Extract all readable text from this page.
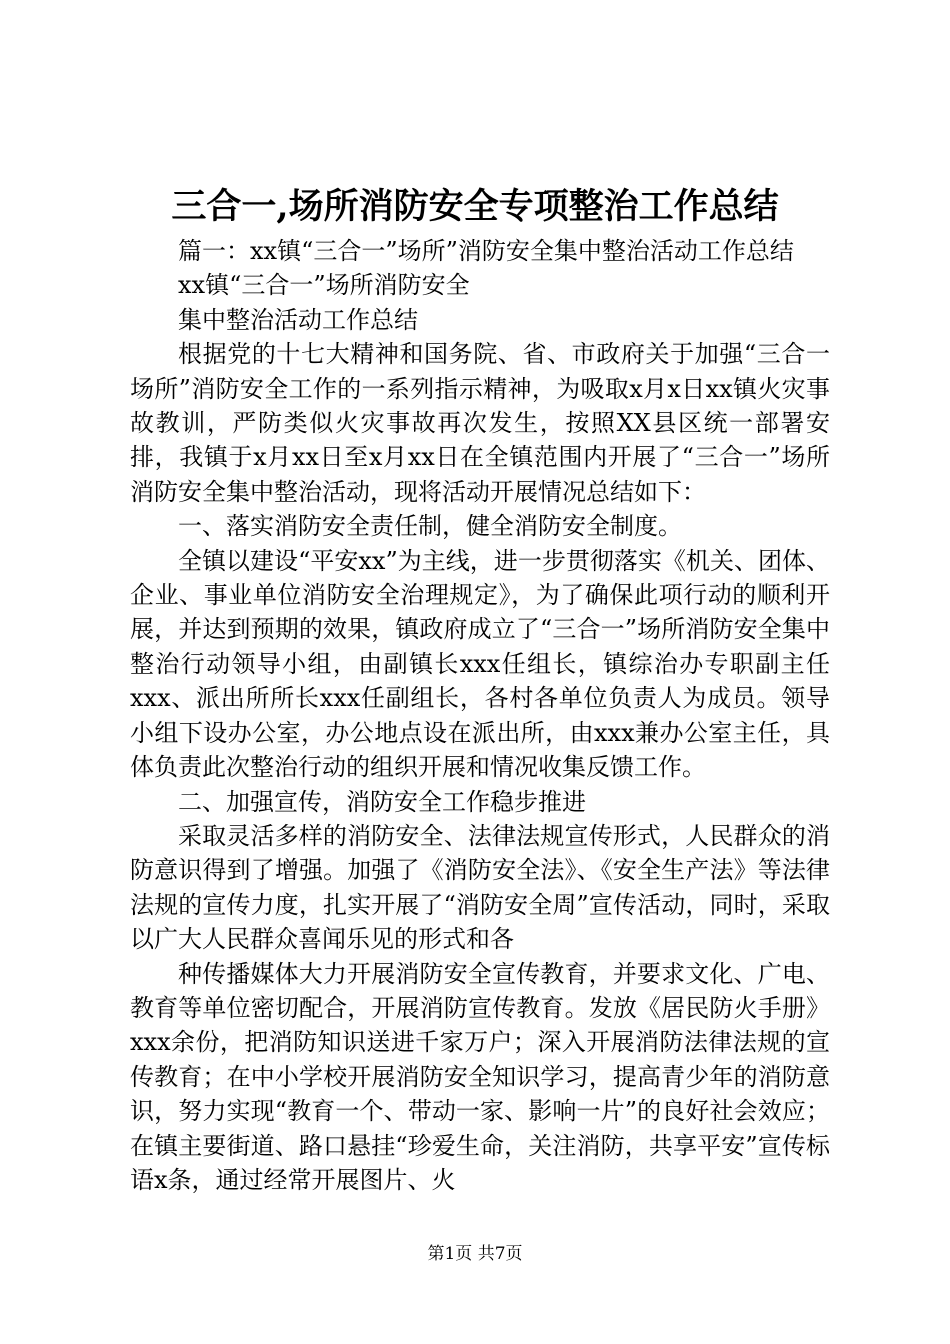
三合一,场所消防安全专项整治工作总结

篇一：xx镇“三合一”场所”消防安全集中整治活动工作总结

xx镇“三合一”场所消防安全

集中整治活动工作总结

根据党的十七大精神和国务院、省、市政府关于加强“三合一场所”消防安全工作的一系列指示精神，为吸取x月x日xx镇火灾事故教训，严防类似火灾事故再次发生，按照XX县区统一部署安排，我镇于x月xx日至x月xx日在全镇范围内开展了“三合一”场所消防安全集中整治活动，现将活动开展情况总结如下：

一、落实消防安全责任制，健全消防安全制度。

全镇以建设“平安xx”为主线，进一步贯彻落实《机关、团体、企业、事业单位消防安全治理规定》，为了确保此项行动的顺利开展，并达到预期的效果，镇政府成立了“三合一”场所消防安全集中整治行动领导小组，由副镇长xxx任组长，镇综治办专职副主任xxx、派出所所长xxx任副组长，各村各单位负责人为成员。领导小组下设办公室，办公地点设在派出所，由xxx兼办公室主任，具体负责此次整治行动的组织开展和情况收集反馈工作。

二、加强宣传，消防安全工作稳步推进

采取灵活多样的消防安全、法律法规宣传形式，人民群众的消防意识得到了增强。加强了《消防安全法》、《安全生产法》等法律法规的宣传力度，扎实开展了“消防安全周”宣传活动，同时，采取以广大人民群众喜闻乐见的形式和各

种传播媒体大力开展消防安全宣传教育，并要求文化、广电、教育等单位密切配合，开展消防宣传教育。发放《居民防火手册》xxx余份，把消防知识送进千家万户；深入开展消防法律法规的宣传教育；在中小学校开展消防安全知识学习，提高青少年的消防意识，努力实现“教育一个、带动一家、影响一片”的良好社会效应；在镇主要街道、路口悬挂“珍爱生命，关注消防，共享平安”宣传标语x条，通过经常开展图片、火

第1页 共7页
